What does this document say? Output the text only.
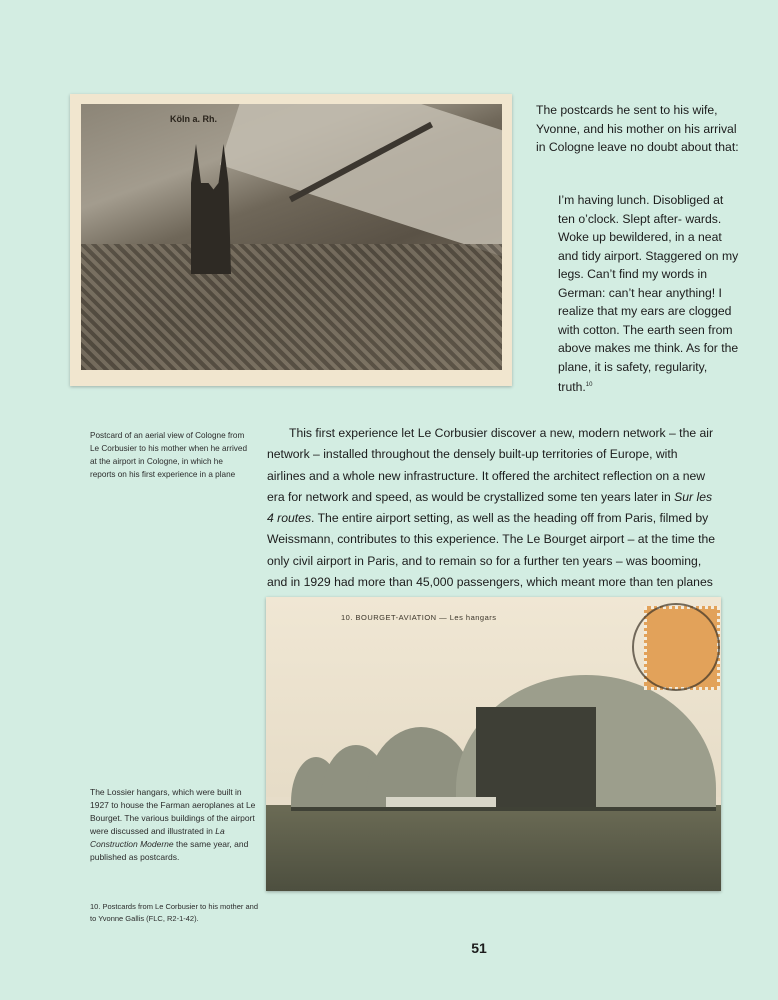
Köln a. Rh.
The postcards he sent to his wife, Yvonne, and his mother on his arrival in Cologne leave no doubt about that:
I’m having lunch. Disobliged at ten o’clock. Slept after- wards. Woke up bewildered, in a neat and tidy airport. Staggered on my legs. Can’t find my words in German: can’t hear anything! I realize that my ears are clogged with cotton. The earth seen from above makes me think. As for the plane, it is safety, regularity, truth.$^{10}$
Postcard of an aerial view of Cologne from Le Corbusier to his mother when he arrived at the airport in Cologne, in which he reports on his first experience in a plane
This first experience let Le Corbusier discover a new, modern network – the air network – installed throughout the densely built-up territories of Europe, with airlines and a whole new infrastructure. It offered the architect reflection on a new era for network and speed, as would be crystallized some ten years later in Sur les 4 routes. The entire airport setting, as well as the heading off from Paris, filmed by Weissmann, contributes to this experience. The Le Bourget airport – at the time the only civil airport in Paris, and to remain so for a further ten years – was booming, and in 1929 had more than 45,000 passengers, which meant more than ten planes
10. BOURGET-AVIATION — Les hangars
The Lossier hangars, which were built in 1927 to house the Farman aeroplanes at Le Bourget. The various buildings of the airport were discussed and illustrated in La Construction Moderne the same year, and published as postcards.
10. Postcards from Le Corbusier to his mother and to Yvonne Gallis (FLC, R2-1-42).
51
